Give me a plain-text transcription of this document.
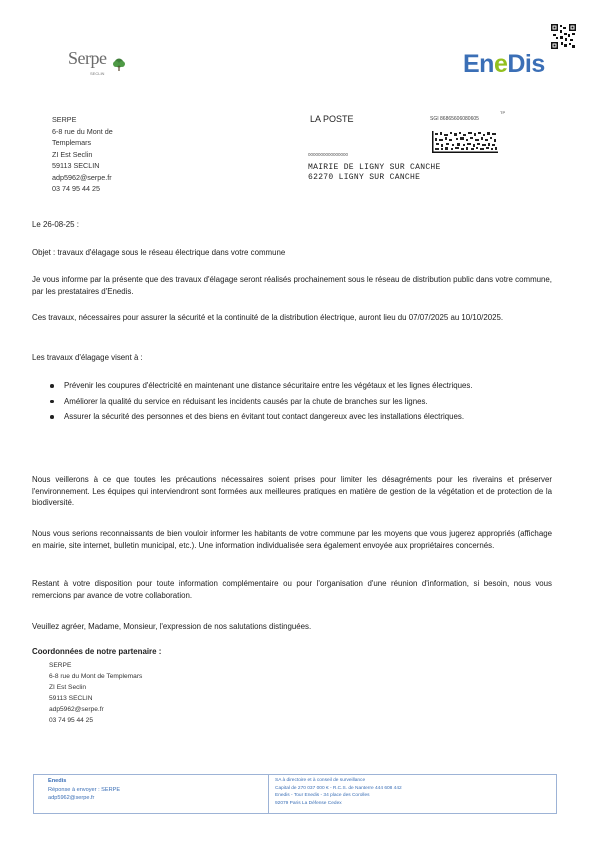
Serpe
SECLIN	EneDis
SERPE
6-8 rue du Mont de
Templemars
ZI Est Seclin
59113 SECLIN
adp5962@serpe.fr
03 74 95 44 25
LA POSTE	SGI 86865606080605
TP
0000000000000000
MAIRIE DE LIGNY SUR CANCHE
62270 LIGNY SUR CANCHE
Le 26-08-25 :
Objet : travaux d'élagage sous le réseau électrique dans votre commune

Je vous informe par la présente que des travaux d'élagage seront réalisés prochainement sous le réseau de distribution public dans votre commune, par les prestataires d'Enedis.

Ces travaux, nécessaires pour assurer la sécurité et la continuité de la distribution électrique, auront lieu du 07/07/2025 au 10/10/2025.

Les travaux d'élagage visent à :

Prévenir les coupures d'électricité en maintenant une distance sécuritaire entre les végétaux et les lignes électriques.
Améliorer la qualité du service en réduisant les incidents causés par la chute de branches sur les lignes.
Assurer la sécurité des personnes et des biens en évitant tout contact dangereux avec les installations électriques.

Nous veillerons à ce que toutes les précautions nécessaires soient prises pour limiter les désagréments pour les riverains et préserver l'environnement. Les équipes qui interviendront sont formées aux meilleures pratiques en matière de gestion de la végétation et de protection de la biodiversité.

Nous vous serions reconnaissants de bien vouloir informer les habitants de votre commune par les moyens que vous jugerez appropriés (affichage en mairie, site internet, bulletin municipal, etc.). Une information individualisée sera également envoyée aux propriétaires concernés.

Restant à votre disposition pour toute information complémentaire ou pour l'organisation d'une réunion d'information, si besoin, nous vous remercions par avance de votre collaboration.

Veuillez agréer, Madame, Monsieur, l'expression de nos salutations distinguées.

Coordonnées de notre partenaire :
SERPE
6-8 rue du Mont de Templemars
ZI Est Seclin
59113 SECLIN
adp5962@serpe.fr
03 74 95 44 25
Enedis
Réponse à envoyer : SERPE
adp5962@serpe.fr
SA à directoire et à conseil de surveillance
Capital de 270 037 000 € - R.C.S. de Nanterre 444 608 442
Enedis - Tour Enedis - 34 place des Corolles
92079 Paris La Défense Cedex
